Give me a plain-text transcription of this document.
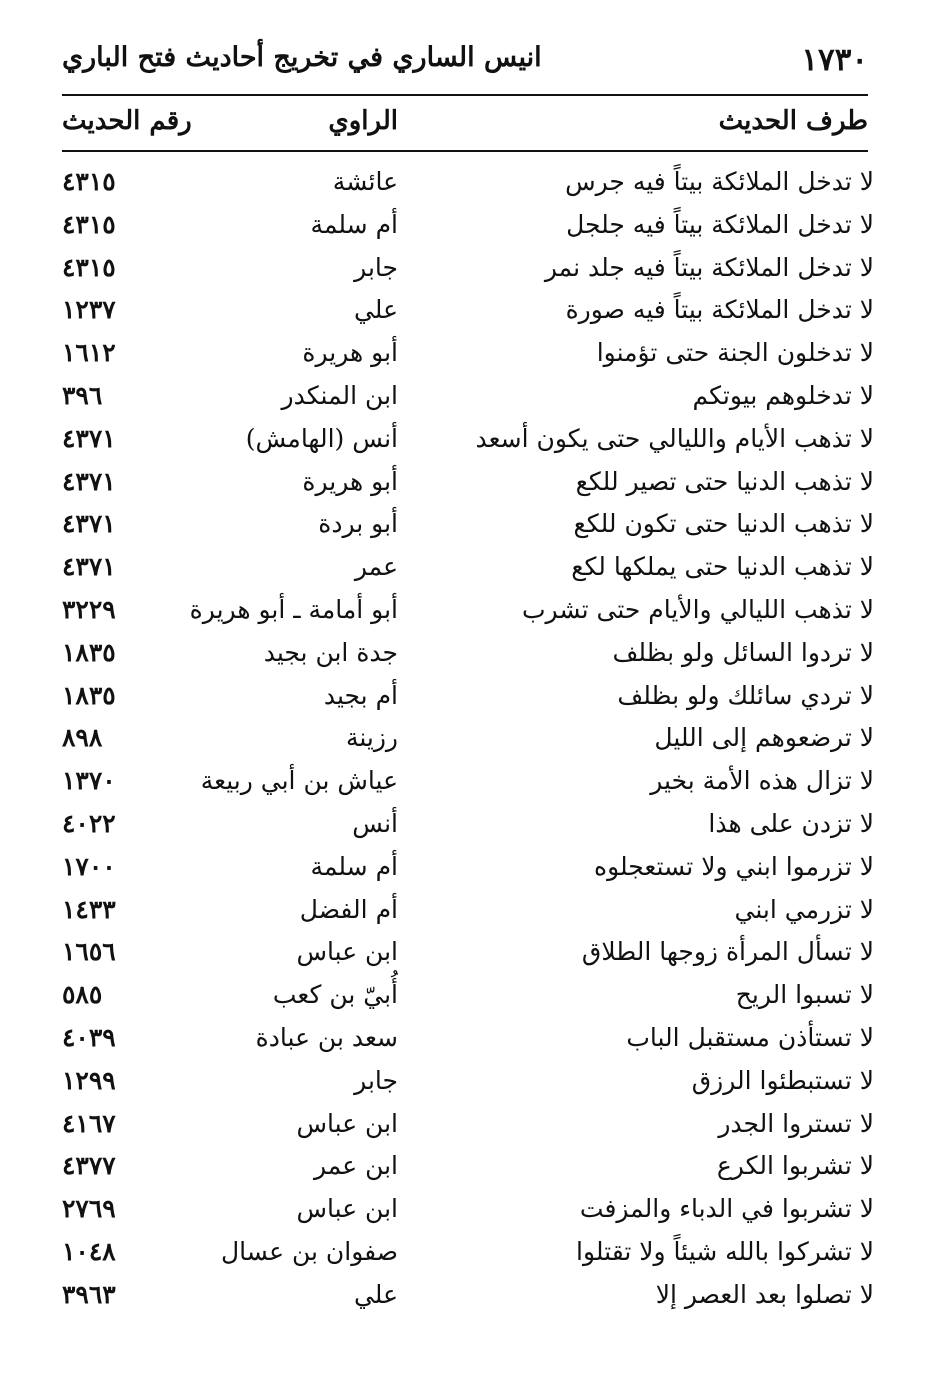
١٧٣٠
انيس الساري في تخريج أحاديث فتح الباري
طرف الحديث
الراوي
رقم الحديث
لا تدخل الملائكة بيتاً فيه جرس
عائشة
٤٣١٥
لا تدخل الملائكة بيتاً فيه جلجل
أم سلمة
٤٣١٥
لا تدخل الملائكة بيتاً فيه جلد نمر
جابر
٤٣١٥
لا تدخل الملائكة بيتاً فيه صورة
علي
١٢٣٧
لا تدخلون الجنة حتى تؤمنوا
أبو هريرة
١٦١٢
لا تدخلوهم بيوتكم
ابن المنكدر
٣٩٦
لا تذهب الأيام والليالي حتى يكون أسعد
أنس (الهامش)
٤٣٧١
لا تذهب الدنيا حتى تصير للكع
أبو هريرة
٤٣٧١
لا تذهب الدنيا حتى تكون للكع
أبو بردة
٤٣٧١
لا تذهب الدنيا حتى يملكها لكع
عمر
٤٣٧١
لا تذهب الليالي والأيام حتى تشرب
أبو أمامة ـ أبو هريرة
٣٢٢٩
لا تردوا السائل ولو بظلف
جدة ابن بجيد
١٨٣٥
لا تردي سائلك ولو بظلف
أم بجيد
١٨٣٥
لا ترضعوهم إلى الليل
رزينة
٨٩٨
لا تزال هذه الأمة بخير
عياش بن أبي ربيعة
١٣٧٠
لا تزدن على هذا
أنس
٤٠٢٢
لا تزرموا ابني ولا تستعجلوه
أم سلمة
١٧٠٠
لا تزرمي ابني
أم الفضل
١٤٣٣
لا تسأل المرأة زوجها الطلاق
ابن عباس
١٦٥٦
لا تسبوا الريح
أُبيّ بن كعب
٥٨٥
لا تستأذن مستقبل الباب
سعد بن عبادة
٤٠٣٩
لا تستبطئوا الرزق
جابر
١٢٩٩
لا تستروا الجدر
ابن عباس
٤١٦٧
لا تشربوا الكرع
ابن عمر
٤٣٧٧
لا تشربوا في الدباء والمزفت
ابن عباس
٢٧٦٩
لا تشركوا بالله شيئاً ولا تقتلوا
صفوان بن عسال
١٠٤٨
لا تصلوا بعد العصر إلا
علي
٣٩٦٣
